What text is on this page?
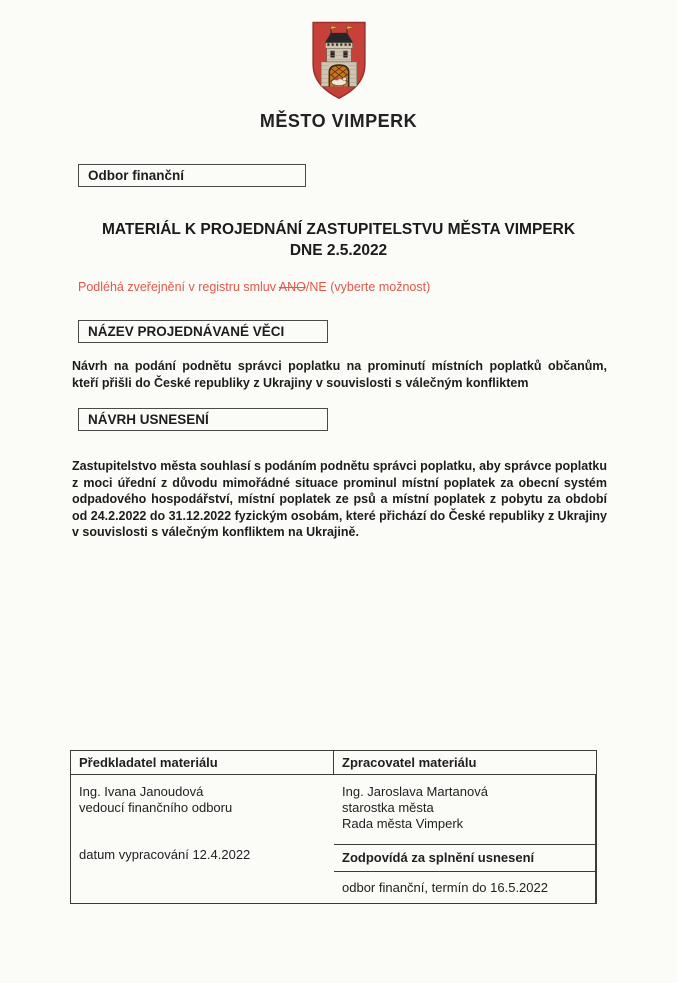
MĚSTO VIMPERK
Odbor finanční
MATERIÁL K PROJEDNÁNÍ ZASTUPITELSTVU MĚSTA VIMPERK
DNE 2.5.2022
Podléhá zveřejnění v registru smluv ANO/NE (vyberte možnost)
NÁZEV PROJEDNÁVANÉ VĚCI

Návrh na podání podnětu správci poplatku na prominutí místních poplatků občanům, kteří přišli do České republiky z Ukrajiny v souvislosti s válečným konfliktem

NÁVRH USNESENÍ

Zastupitelstvo města souhlasí s podáním podnětu správci poplatku, aby správce poplatku z moci úřední z důvodu mimořádné situace prominul místní poplatek za obecní systém odpadového hospodářství, místní poplatek ze psů a místní poplatek z pobytu za období od 24.2.2022 do 31.12.2022 fyzickým osobám, které přichází do České republiky z Ukrajiny v souvislosti s válečným konfliktem na Ukrajině.

Předkladatel materiálu	Zpracovatel materiálu
Ing. Jaroslava Martanová
starostka města
Rada města Vimperk
Ing. Ivana Janoudová
vedoucí finančního odboru
datum vypracování 12.4.2022	Zodpovídá za splnění usnesení
odbor finanční, termín do 16.5.2022
